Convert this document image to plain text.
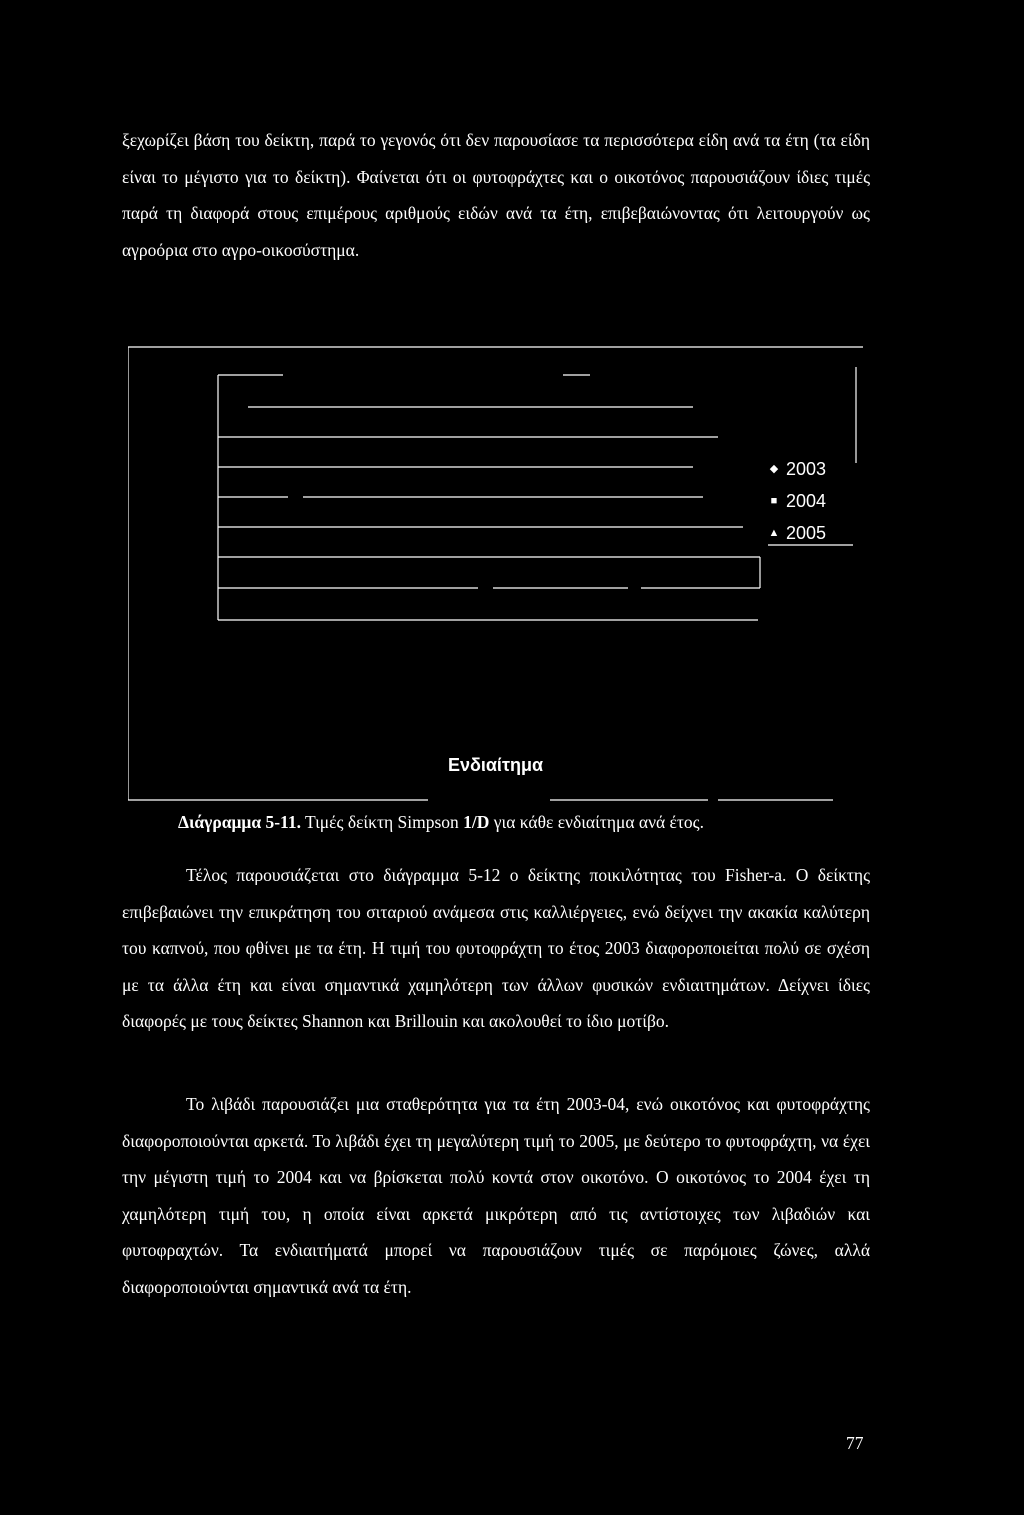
ξεχωρίζει βάση του δείκτη, παρά το γεγονός ότι δεν παρουσίασε τα περισσότερα είδη ανά τα έτη (τα είδη είναι το μέγιστο για το δείκτη). Φαίνεται ότι οι φυτοφράχτες και ο οικοτόνος παρουσιάζουν ίδιες τιμές παρά τη διαφορά στους επιμέρους αριθμούς ειδών ανά τα έτη, επιβεβαιώνοντας ότι λειτουργούν ως αγροόρια στο αγρο-οικοσύστημα.

◆ 2003
■ 2004
▲ 2005
Ενδιαίτημα
Διάγραμμα 5-11. Τιμές δείκτη Simpson 1/D για κάθε ενδιαίτημα ανά έτος.

Τέλος παρουσιάζεται στο διάγραμμα 5-12 ο δείκτης ποικιλότητας του Fisher-a. Ο δείκτης επιβεβαιώνει την επικράτηση του σιταριού ανάμεσα στις καλλιέργειες, ενώ δείχνει την ακακία καλύτερη του καπνού, που φθίνει με τα έτη. Η τιμή του φυτοφράχτη το έτος 2003 διαφοροποιείται πολύ σε σχέση με τα άλλα έτη και είναι σημαντικά χαμηλότερη των άλλων φυσικών ενδιαιτημάτων. Δείχνει ίδιες διαφορές με τους δείκτες Shannon και Brillouin και ακολουθεί το ίδιο μοτίβο.

Το λιβάδι παρουσιάζει μια σταθερότητα για τα έτη 2003-04, ενώ οικοτόνος και φυτοφράχτης διαφοροποιούνται αρκετά. Το λιβάδι έχει τη μεγαλύτερη τιμή το 2005, με δεύτερο το φυτοφράχτη, να έχει την μέγιστη τιμή το 2004 και να βρίσκεται πολύ κοντά στον οικοτόνο. Ο οικοτόνος το 2004 έχει τη χαμηλότερη τιμή του, η οποία είναι αρκετά μικρότερη από τις αντίστοιχες των λιβαδιών και φυτοφραχτών. Τα ενδιαιτήματά μπορεί να παρουσιάζουν τιμές σε παρόμοιες ζώνες, αλλά διαφοροποιούνται σημαντικά ανά τα έτη.

77
